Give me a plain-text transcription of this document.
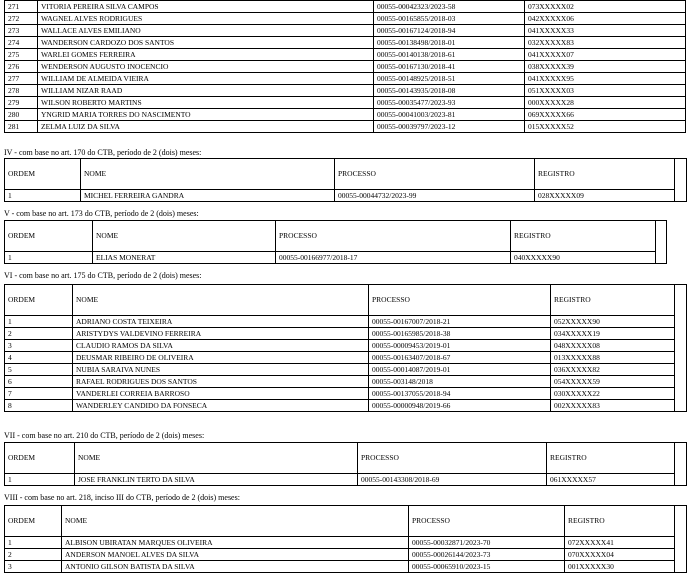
271	VITORIA PEREIRA SILVA CAMPOS	00055-00042323/2023-58	073XXXXX02
272	WAGNEL ALVES RODRIGUES	00055-00165855/2018-03	042XXXXX06
273	WALLACE ALVES EMILIANO	00055-00167124/2018-94	041XXXXX33
274	WANDERSON CARDOZO DOS SANTOS	00055-00138498/2018-01	032XXXXX83
275	WARLEI GOMES FERREIRA	00055-00140138/2018-61	041XXXXX07
276	WENDERSON AUGUSTO INOCENCIO	00055-00167130/2018-41	038XXXXX39
277	WILLIAM DE ALMEIDA VIEIRA	00055-00148925/2018-51	041XXXXX95
278	WILLIAM NIZAR RAAD	00055-00143935/2018-08	051XXXXX03
279	WILSON ROBERTO MARTINS	00055-00035477/2023-93	000XXXXX28
280	YNGRID MARIA TORRES DO NASCIMENTO	00055-00041003/2023-81	069XXXXX66
281	ZELMA LUIZ DA SILVA	00055-00039797/2023-12	015XXXXX52
IV - com base no art. 170 do CTB, período de 2 (dois) meses:
ORDEM	NOME	PROCESSO	REGISTRO	
1	MICHEL FERREIRA GANDRA	00055-00044732/2023-99	028XXXXX09	
V - com base no art. 173 do CTB, período de 2 (dois) meses:
ORDEM	NOME	PROCESSO	REGISTRO	
1	ELIAS MONERAT	00055-00166977/2018-17	040XXXXX90	
VI - com base no art. 175 do CTB, período de 2 (dois) meses:
ORDEM	NOME	PROCESSO	REGISTRO	
1	ADRIANO COSTA TEIXEIRA	00055-00167007/2018-21	052XXXXX90	
2	ARISTYDYS VALDEVINO FERREIRA	00055-00165985/2018-38	034XXXXX19	
3	CLAUDIO RAMOS DA SILVA	00055-00009453/2019-01	048XXXXX08	
4	DEUSMAR RIBEIRO DE OLIVEIRA	00055-00163407/2018-67	013XXXXX88	
5	NUBIA SARAIVA NUNES	00055-00014087/2019-01	036XXXXX82	
6	RAFAEL RODRIGUES DOS SANTOS	00055-003148/2018	054XXXXX59	
7	VANDERLEI CORREIA BARROSO	00055-00137055/2018-94	030XXXXX22	
8	WANDERLEY CANDIDO DA FONSECA	00055-00000948/2019-66	002XXXXX83	
VII - com base no art. 210 do CTB, período de 2 (dois) meses:
ORDEM	NOME	PROCESSO	REGISTRO	
1	JOSE FRANKLIN TERTO DA SILVA	00055-00143308/2018-69	061XXXXX57	
VIII - com base no art. 218, inciso III do CTB, período de 2 (dois) meses:
ORDEM	NOME	PROCESSO	REGISTRO	
1	ALBISON UBIRATAN MARQUES OLIVEIRA	00055-00032871/2023-70	072XXXXX41	
2	ANDERSON MANOEL ALVES DA SILVA	00055-00026144/2023-73	070XXXXX04	
3	ANTONIO GILSON BATISTA DA SILVA	00055-00065910/2023-15	001XXXXX30	
